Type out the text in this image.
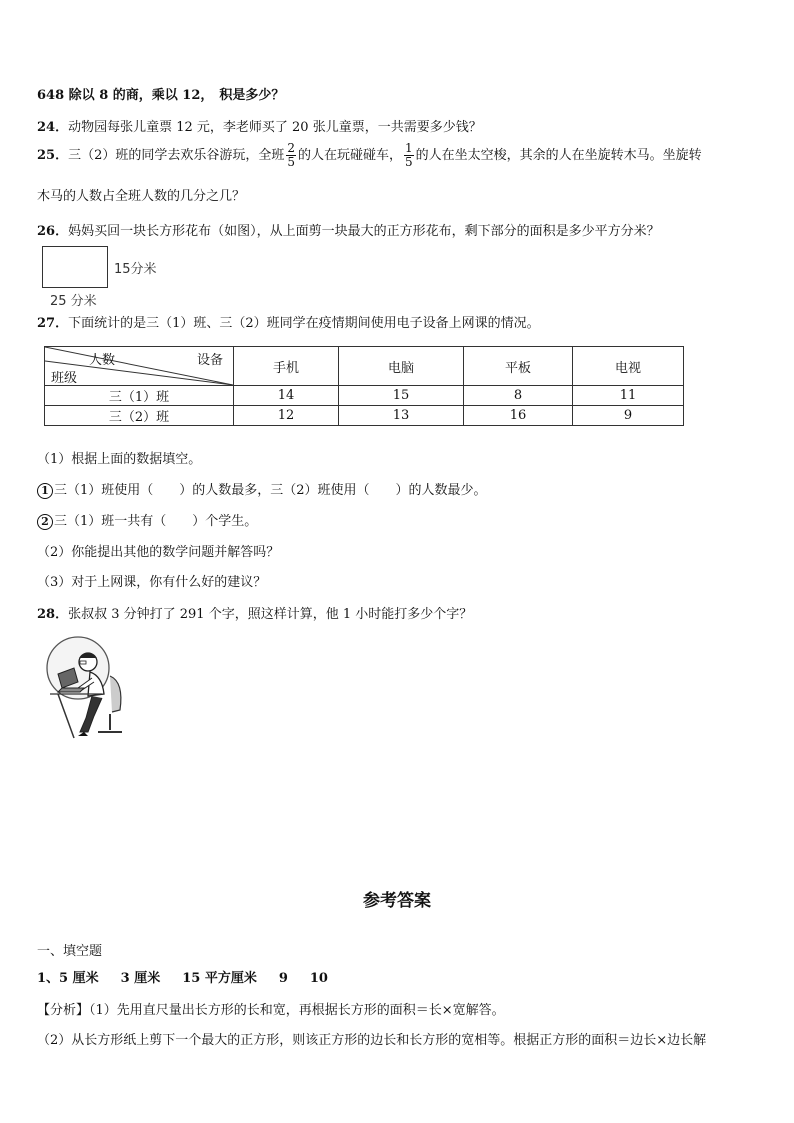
648 除以 8 的商，乘以 12， 积是多少？
24．动物园每张儿童票 12 元，李老师买了 20 张儿童票，一共需要多少钱？
25．三（2）班的同学去欢乐谷游玩，全班 $\frac{2}{5}$ 的人在玩碰碰车， $\frac{1}{5}$ 的人在坐太空梭，其余的人在坐旋转木马。坐旋转
木马的人数占全班人数的几分之几？
26．妈妈买回一块长方形花布（如图），从上面剪一块最大的正方形花布，剩下部分的面积是多少平方分米？
15分米
25 分米
27．下面统计的是三（1）班、三（2）班同学在疫情期间使用电子设备上网课的情况。
人数 设备
班级	手机	电脑	平板	电视
三（1）班	14	15	8	11
三（2）班	12	13	16	9
（1）根据上面的数据填空。
1 三（1）班使用（　　）的人数最多，三（2）班使用（　　）的人数最少。
2 三（1）班一共有（　　）个学生。
（2）你能提出其他的数学问题并解答吗？
（3）对于上网课，你有什么好的建议？
28．张叔叔 3 分钟打了 291 个字，照这样计算，他 1 小时能打多少个字？
参考答案
一、填空题
1、5 厘米 3 厘米 15 平方厘米 9 10
【分析】（1）先用直尺量出长方形的长和宽，再根据长方形的面积＝长×宽解答。
（2）从长方形纸上剪下一个最大的正方形，则该正方形的边长和长方形的宽相等。根据正方形的面积＝边长×边长解
